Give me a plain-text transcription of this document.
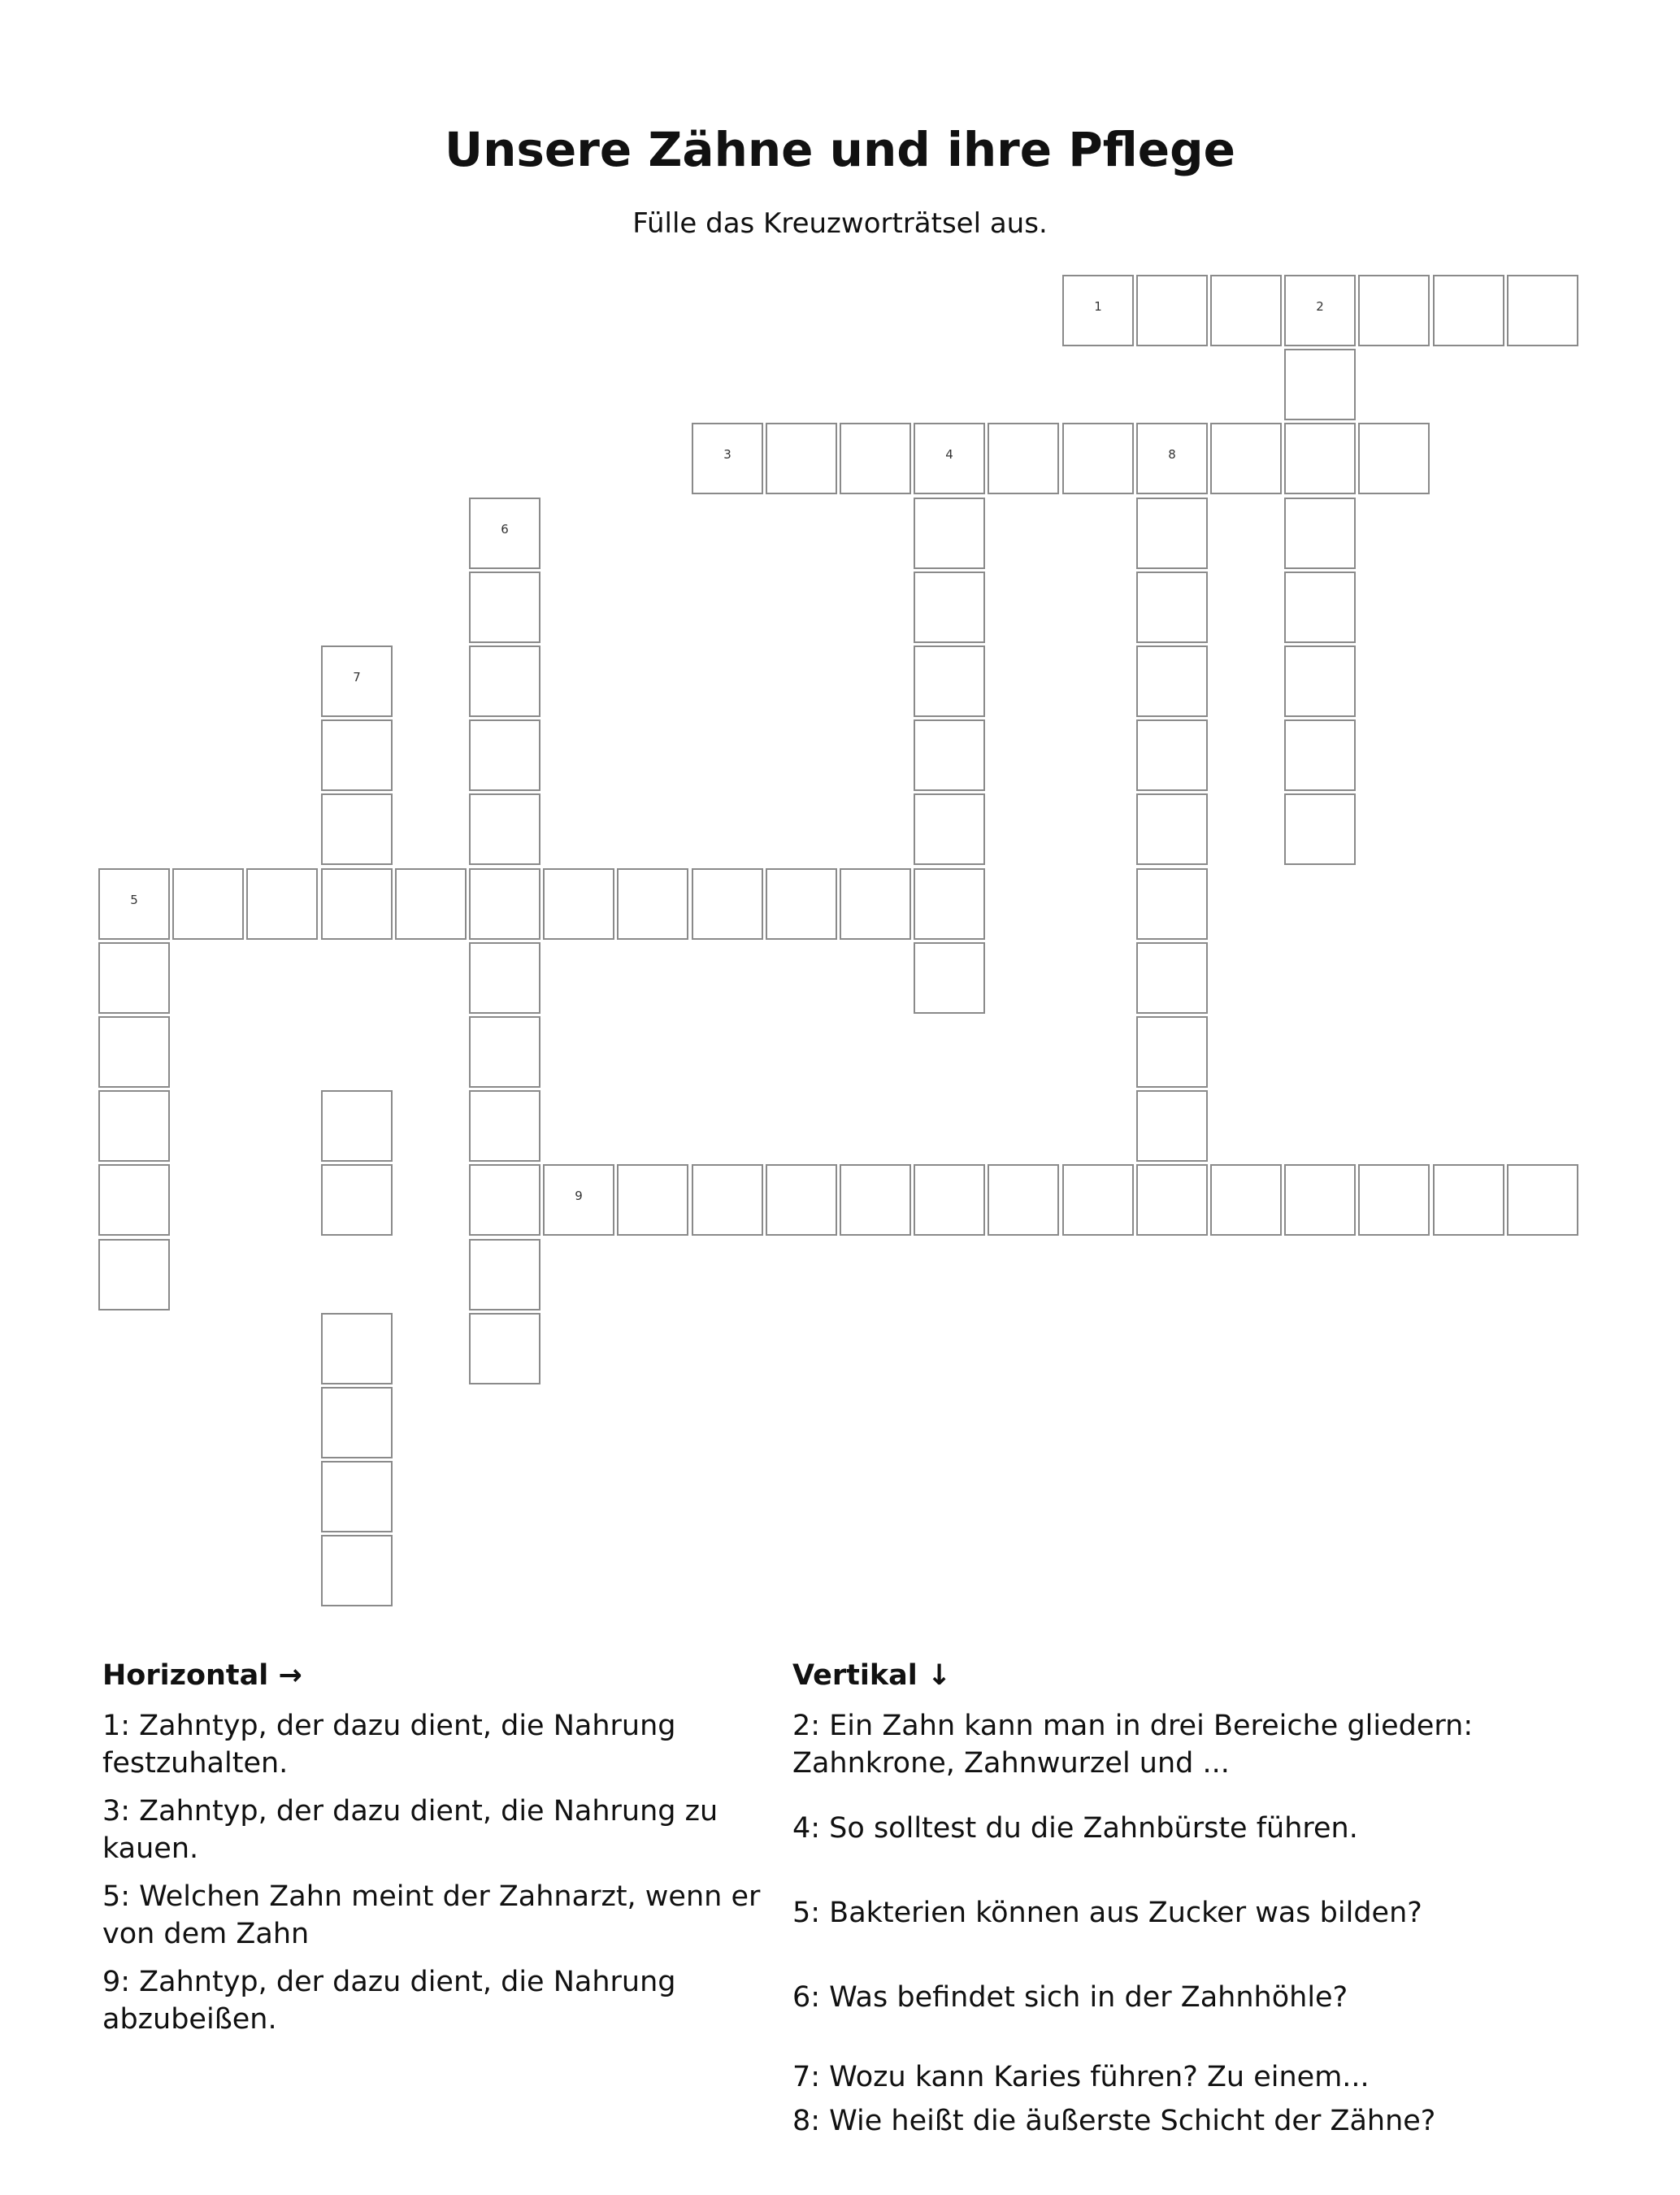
Unsere Zähne und ihre Pflege
Fülle das Kreuzworträtsel aus.
1	2
3	4	8
5
6
7
9
Horizontal →

1: Zahntyp, der dazu dient, die Nahrung festzuhalten.

3: Zahntyp, der dazu dient, die Nahrung zu kauen.

5: Welchen Zahn meint der Zahnarzt, wenn er von dem Zahn

9: Zahntyp, der dazu dient, die Nahrung abzubeißen.

Vertikal ↓

2: Ein Zahn kann man in drei Bereiche gliedern: Zahnkrone, Zahnwurzel und ...

4: So solltest du die Zahnbürste führen.

5: Bakterien können aus Zucker was bilden?

6: Was befindet sich in der Zahnhöhle?

7: Wozu kann Karies führen? Zu einem...

8: Wie heißt die äußerste Schicht der Zähne?
